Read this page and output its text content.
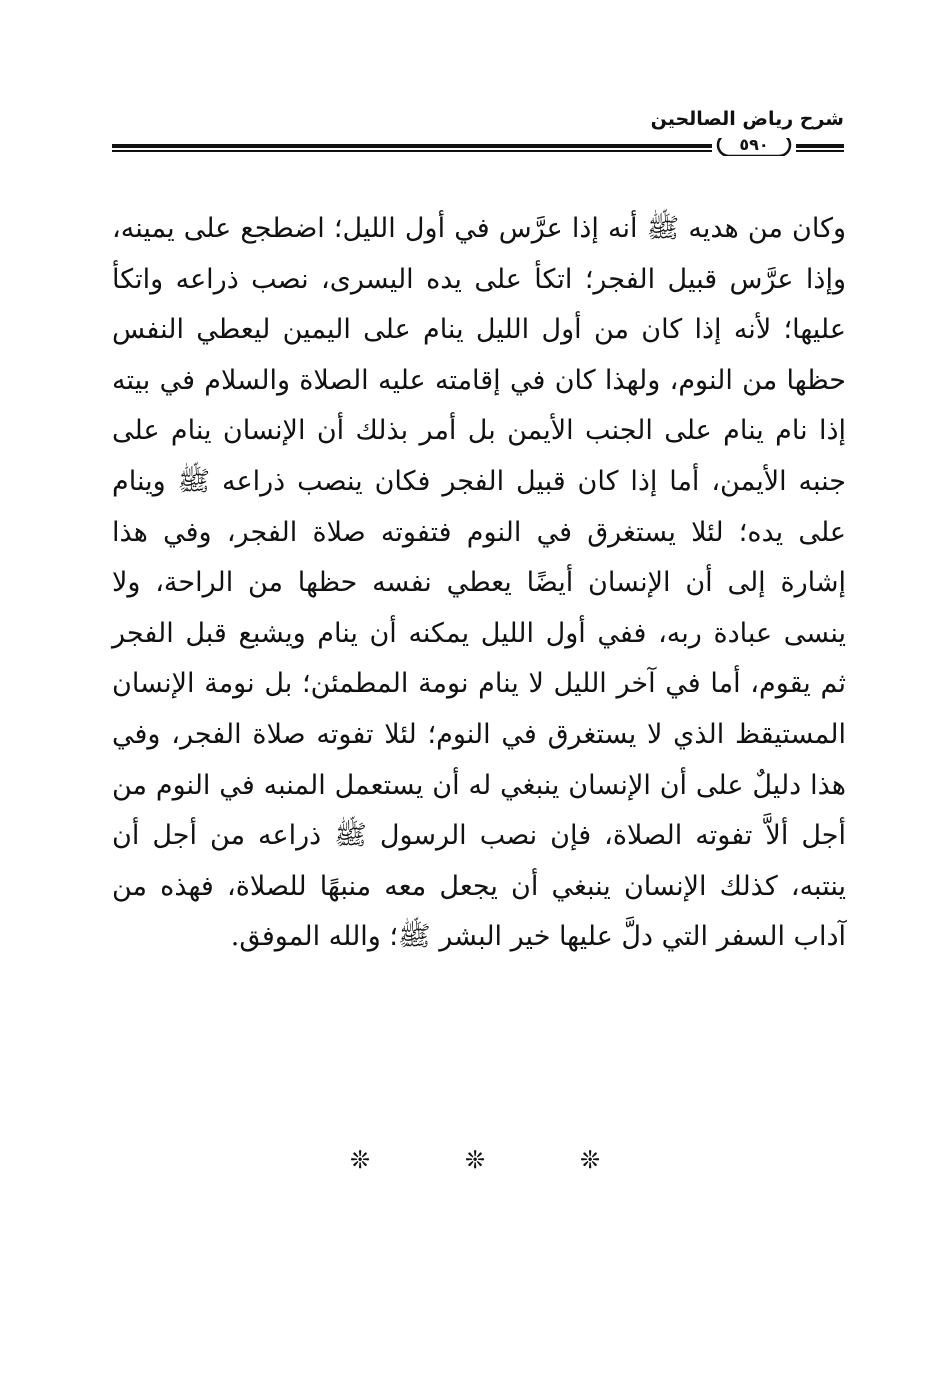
شرح رياض الصالحين
٥٩٠

وكان من هديه ﷺ أنه إذا عرَّس في أول الليل؛ اضطجع على يمينه، وإذا عرَّس قبيل الفجر؛ اتكأ على يده اليسرى، نصب ذراعه واتكأ عليها؛ لأنه إذا كان من أول الليل ينام على اليمين ليعطي النفس حظها من النوم، ولهذا كان في إقامته عليه الصلاة والسلام في بيته إذا نام ينام على الجنب الأيمن بل أمر بذلك أن الإنسان ينام على جنبه الأيمن، أما إذا كان قبيل الفجر فكان ينصب ذراعه ﷺ وينام على يده؛ لئلا يستغرق في النوم فتفوته صلاة الفجر، وفي هذا إشارة إلى أن الإنسان أيضًا يعطي نفسه حظها من الراحة، ولا ينسى عبادة ربه، ففي أول الليل يمكنه أن ينام ويشبع قبل الفجر ثم يقوم، أما في آخر الليل لا ينام نومة المطمئن؛ بل نومة الإنسان المستيقظ الذي لا يستغرق في النوم؛ لئلا تفوته صلاة الفجر، وفي هذا دليلٌ على أن الإنسان ينبغي له أن يستعمل المنبه في النوم من أجل ألاَّ تفوته الصلاة، فإن نصب الرسول ﷺ ذراعه من أجل أن ينتبه، كذلك الإنسان ينبغي أن يجعل معه منبهًا للصلاة، فهذه من آداب السفر التي دلَّ عليها خير البشر ﷺ؛ والله الموفق.

❊	❊	❊
